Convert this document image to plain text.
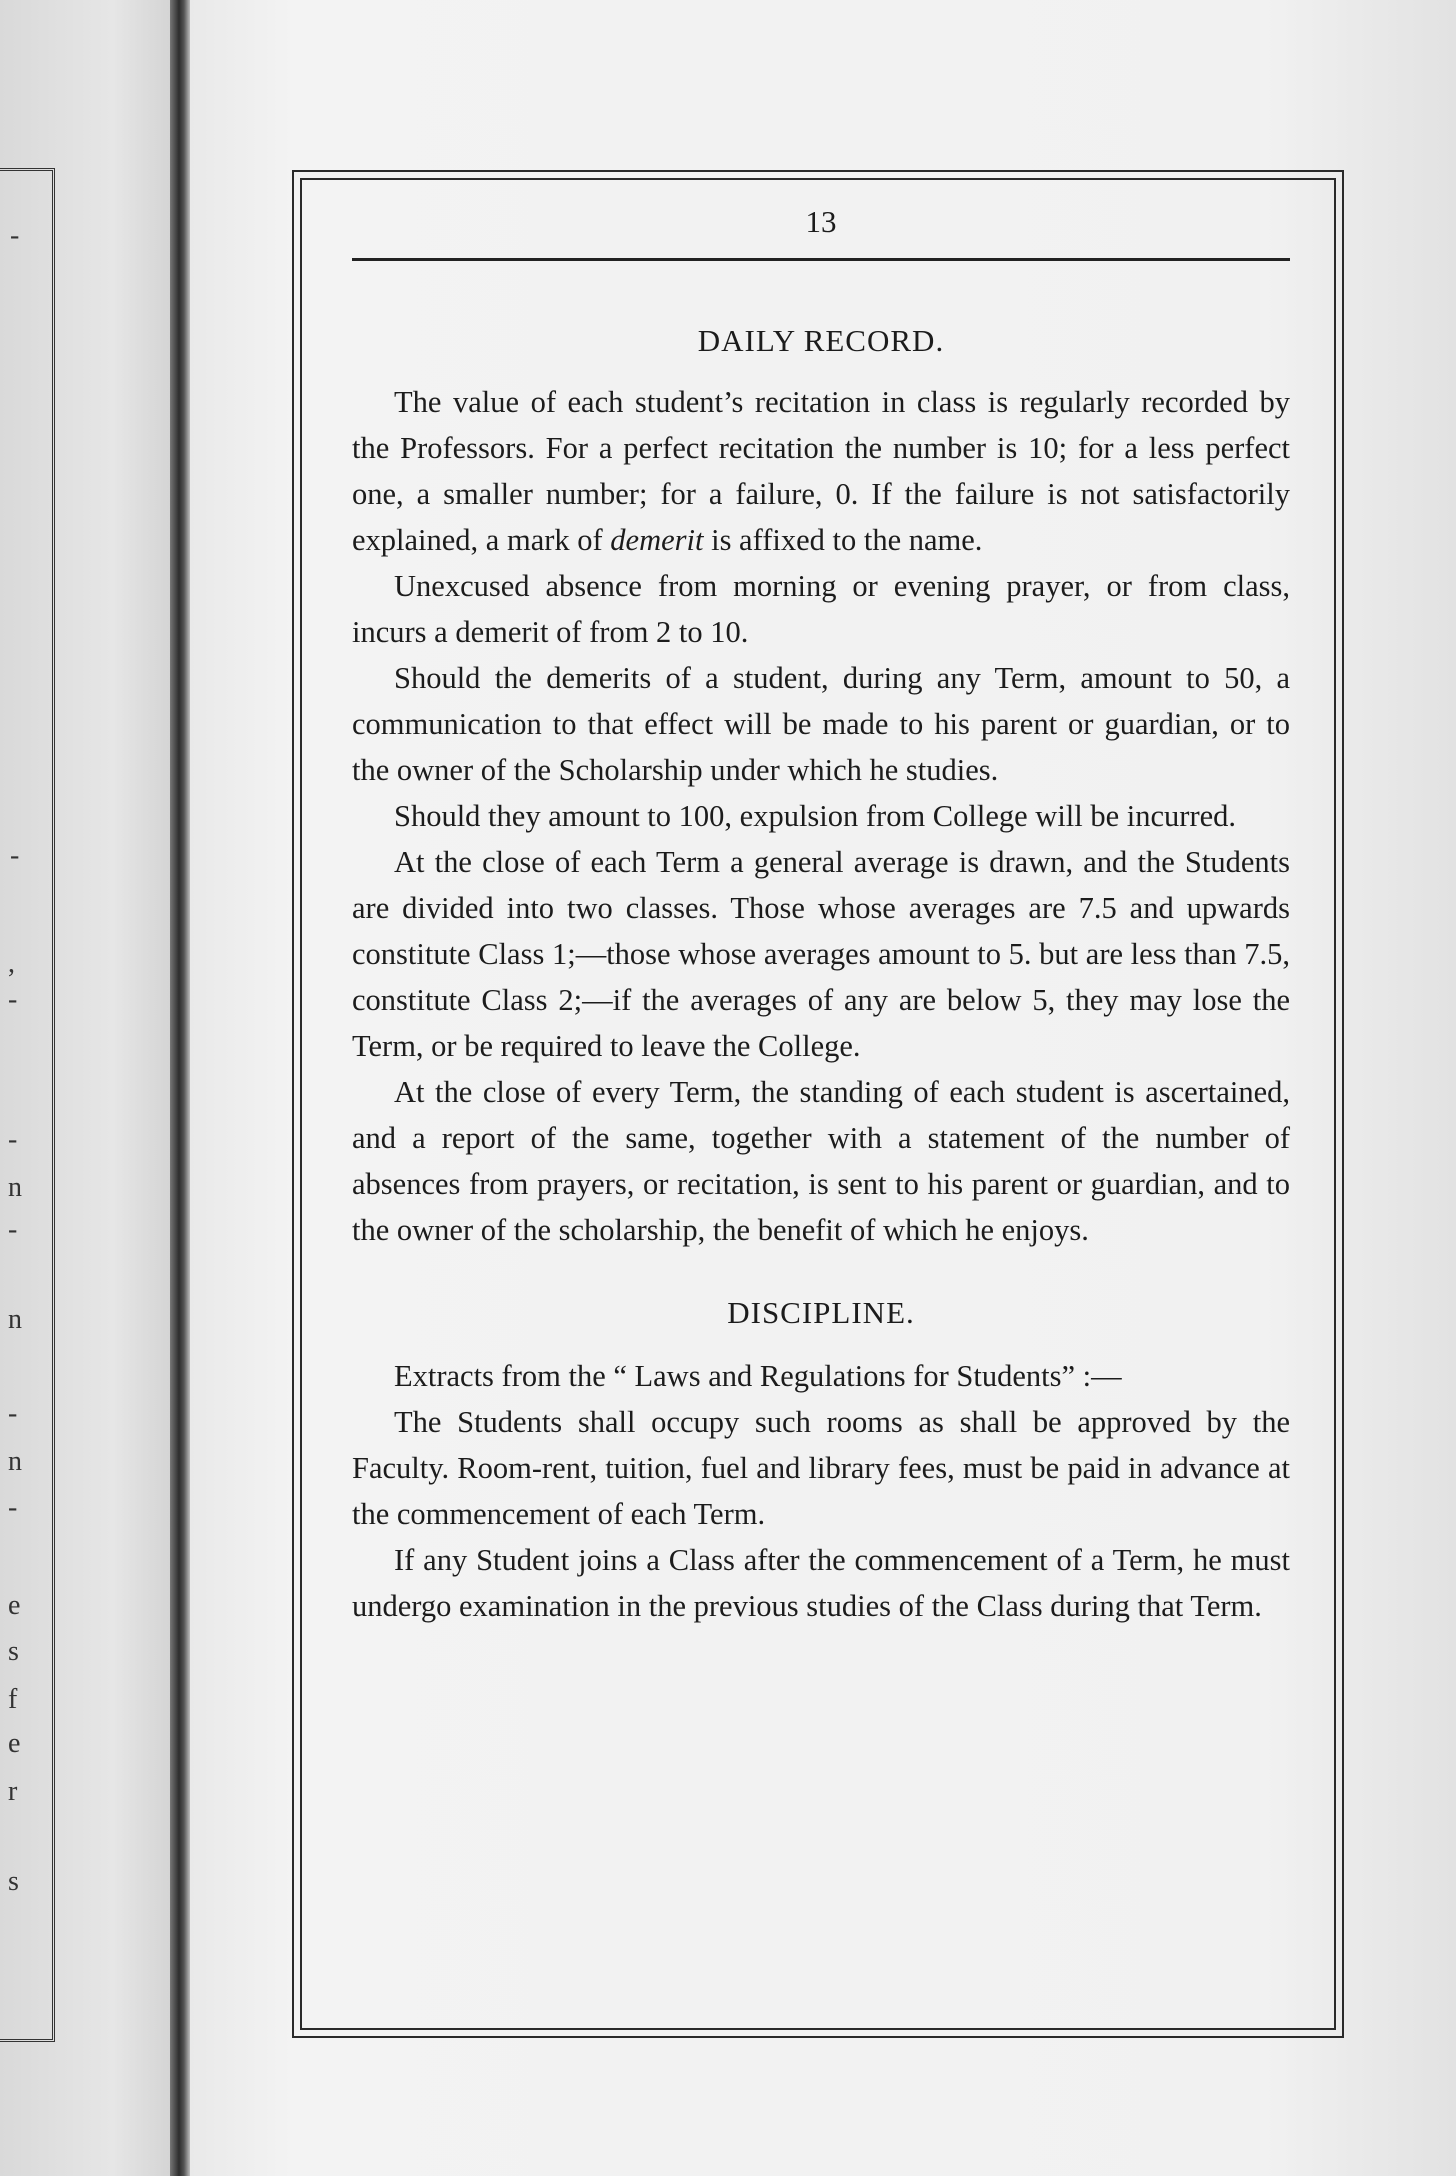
-
-
,
-
-
n
-
n
-
n
-
e
s
f
e
r
s
13
DAILY RECORD.

The value of each student’s recitation in class is regularly recorded by the Professors. For a perfect recitation the number is 10; for a less perfect one, a smaller number; for a failure, 0. If the failure is not satisfactorily explained, a mark of demerit is affixed to the name.

Unexcused absence from morning or evening prayer, or from class, incurs a demerit of from 2 to 10.

Should the demerits of a student, during any Term, amount to 50, a communication to that effect will be made to his parent or guardian, or to the owner of the Scholarship under which he studies.

Should they amount to 100, expulsion from College will be incurred.

At the close of each Term a general average is drawn, and the Students are divided into two classes. Those whose averages are 7.5 and upwards constitute Class 1;—those whose averages amount to 5. but are less than 7.5, constitute Class 2;—if the averages of any are below 5, they may lose the Term, or be required to leave the College.

At the close of every Term, the standing of each student is ascertained, and a report of the same, together with a statement of the number of absences from prayers, or recitation, is sent to his parent or guardian, and to the owner of the scholarship, the benefit of which he enjoys.

DISCIPLINE.

Extracts from the “ Laws and Regulations for Students” :—

The Students shall occupy such rooms as shall be approved by the Faculty. Room-rent, tuition, fuel and library fees, must be paid in advance at the commencement of each Term.

If any Student joins a Class after the commencement of a Term, he must undergo examination in the previous studies of the Class during that Term.
